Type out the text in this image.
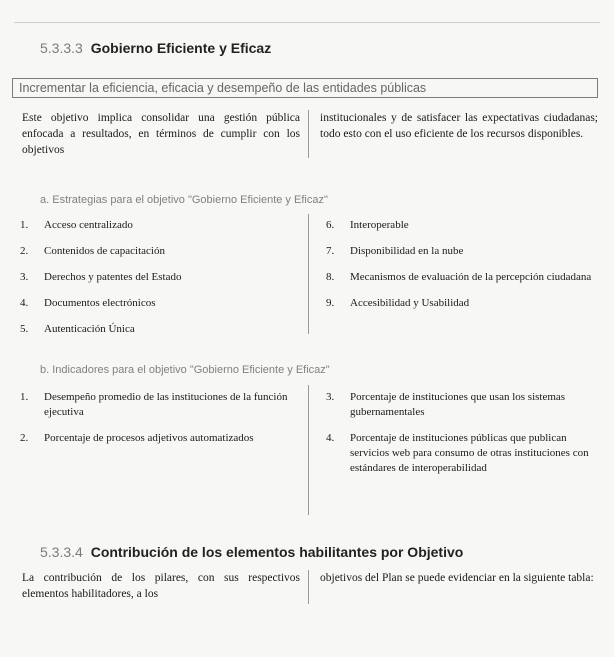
5.3.3.3 Gobierno Eficiente y Eficaz
Incrementar la eficiencia, eficacia y desempeño de las entidades públicas
Este objetivo implica consolidar una gestión pública enfocada a resultados, en términos de cumplir con los objetivos
institucionales y de satisfacer las expectativas ciudadanas; todo esto con el uso eficiente de los recursos disponibles.
a. Estrategias para el objetivo "Gobierno Eficiente y Eficaz"
1. Acceso centralizado
2. Contenidos de capacitación
3. Derechos y patentes del Estado
4. Documentos electrónicos
5. Autenticación Única
6. Interoperable
7. Disponibilidad en la nube
8. Mecanismos de evaluación de la percepción ciudadana
9. Accesibilidad y Usabilidad
b. Indicadores para el objetivo "Gobierno Eficiente y Eficaz"
1. Desempeño promedio de las instituciones de la función ejecutiva
2. Porcentaje de procesos adjetivos automatizados
3. Porcentaje de instituciones que usan los sistemas gubernamentales
4. Porcentaje de instituciones públicas que publican servicios web para consumo de otras instituciones con estándares de interoperabilidad
5.3.3.4 Contribución de los elementos habilitantes por Objetivo
La contribución de los pilares, con sus respectivos elementos habilitadores, a los
objetivos del Plan se puede evidenciar en la siguiente tabla:
